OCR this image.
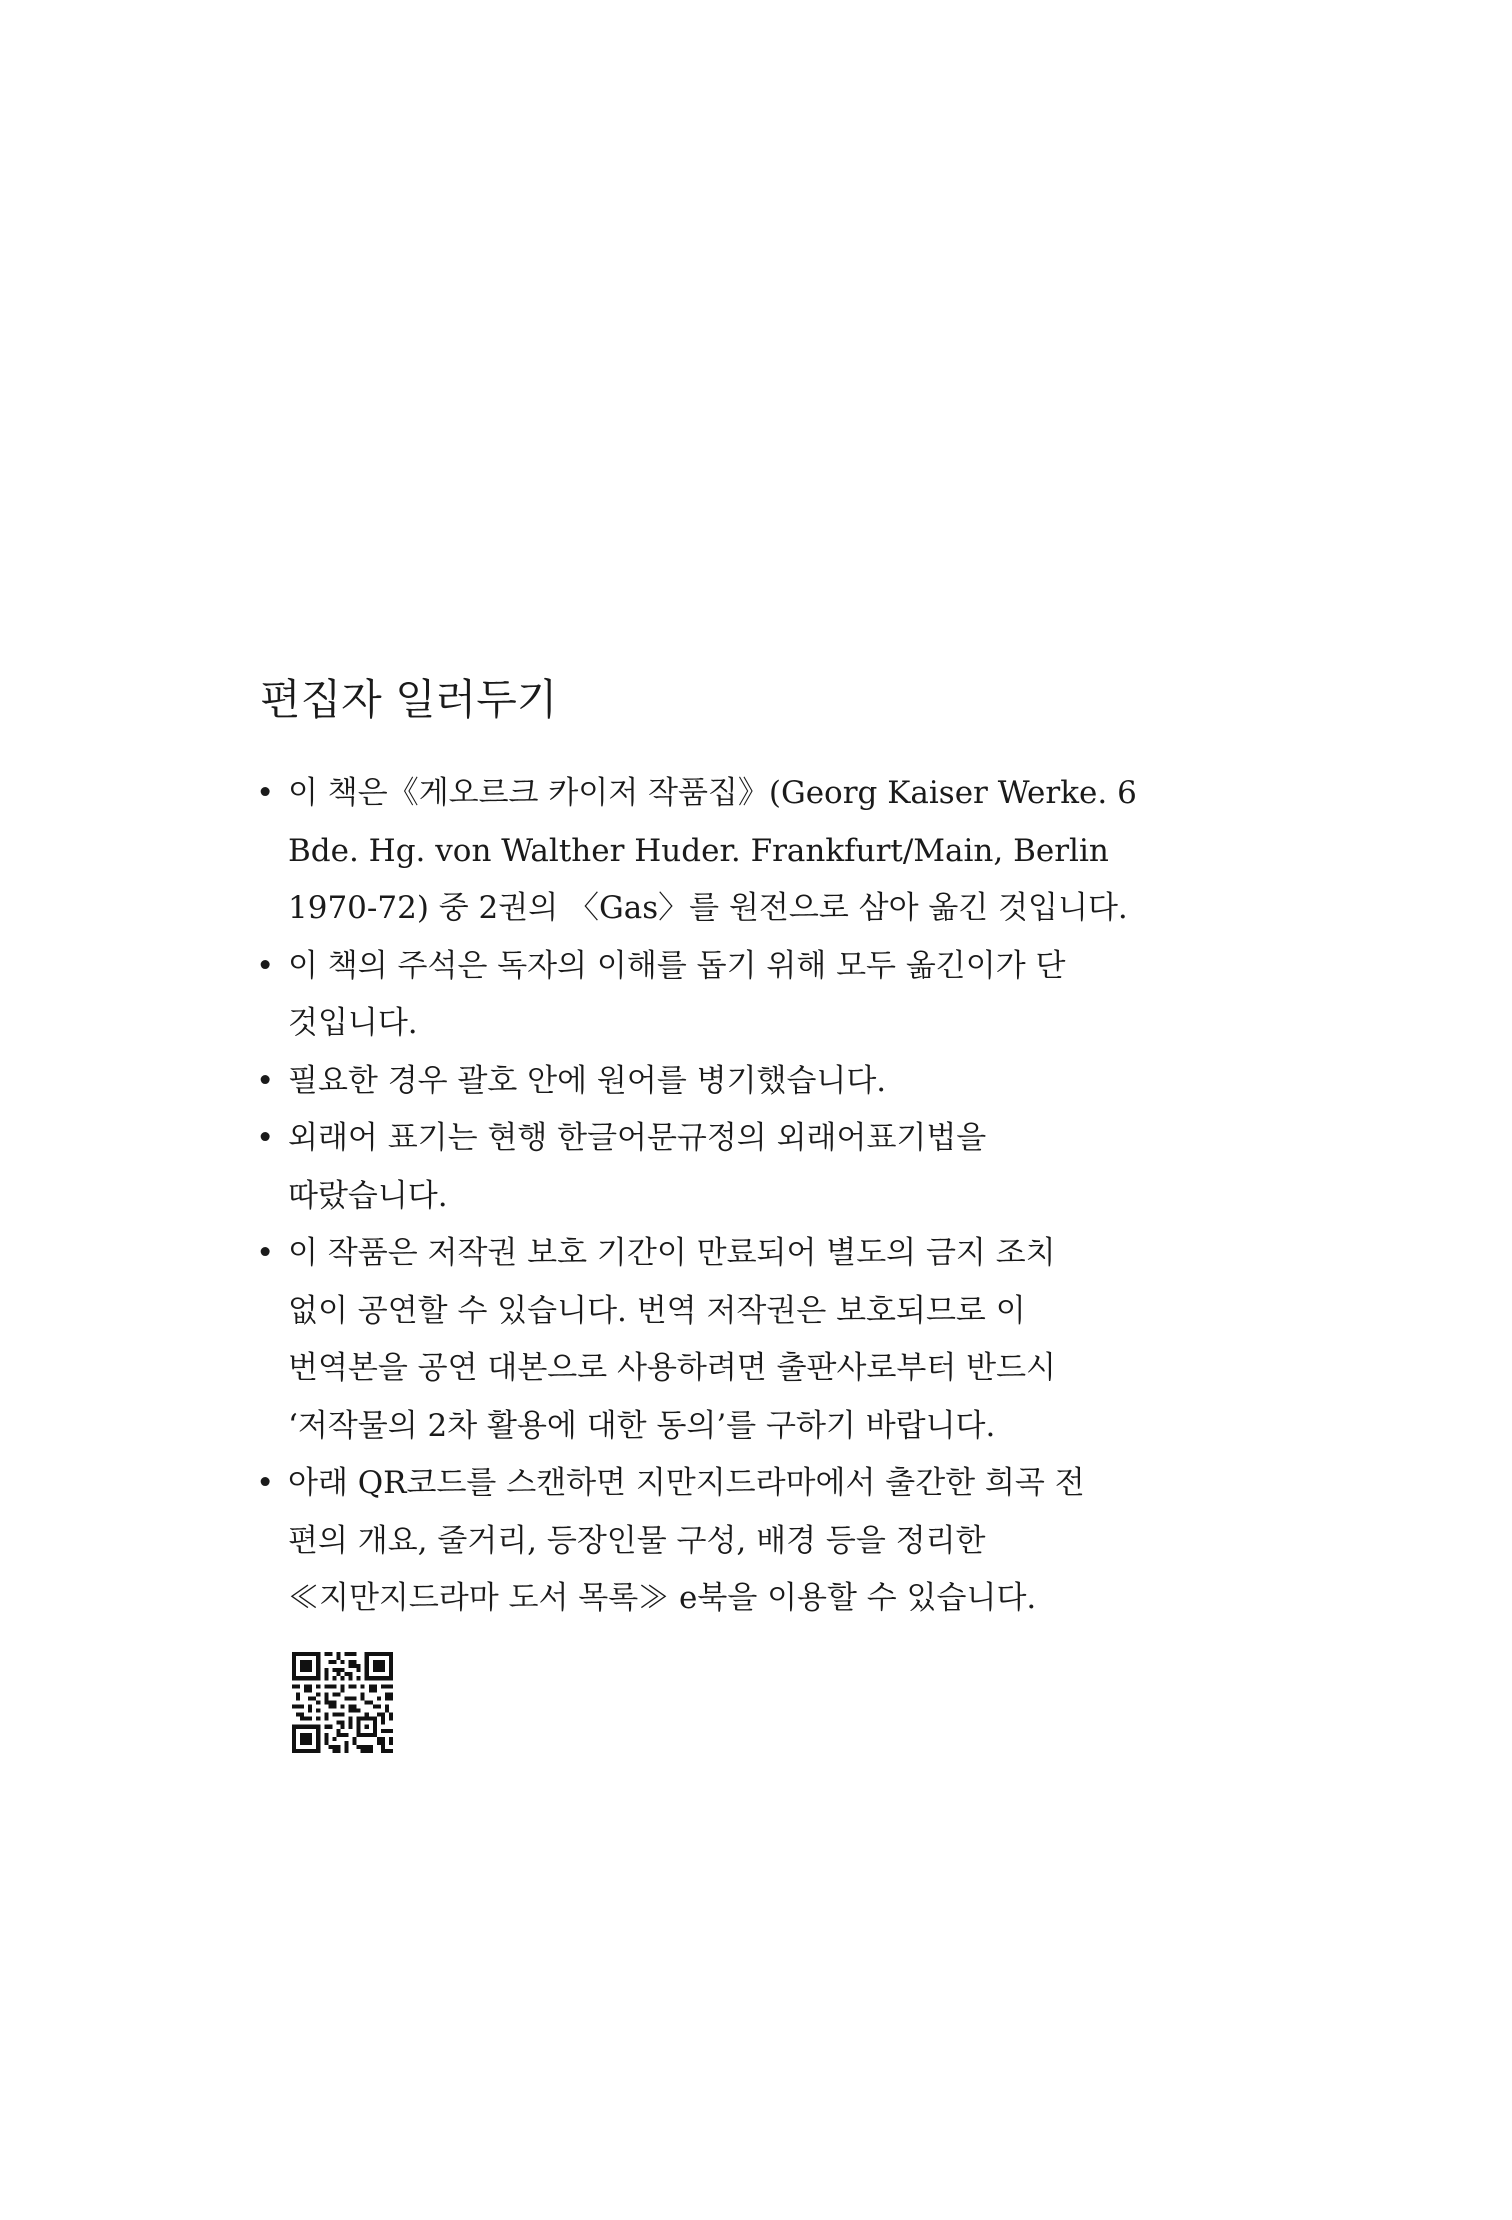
편집자 일러두기
• 이 책은《게오르크 카이저 작품집》(Georg Kaiser Werke. 6
Bde. Hg. von Walther Huder. Frankfurt/Main, Berlin
1970-72) 중 2권의 〈Gas〉를 원전으로 삼아 옮긴 것입니다.
• 이 책의 주석은 독자의 이해를 돕기 위해 모두 옮긴이가 단
것입니다.
• 필요한 경우 괄호 안에 원어를 병기했습니다.
• 외래어 표기는 현행 한글어문규정의 외래어표기법을
따랐습니다.
• 이 작품은 저작권 보호 기간이 만료되어 별도의 금지 조치
없이 공연할 수 있습니다. 번역 저작권은 보호되므로 이
번역본을 공연 대본으로 사용하려면 출판사로부터 반드시
‘저작물의 2차 활용에 대한 동의’를 구하기 바랍니다.
• 아래 QR코드를 스캔하면 지만지드라마에서 출간한 희곡 전
편의 개요, 줄거리, 등장인물 구성, 배경 등을 정리한
≪지만지드라마 도서 목록≫ e북을 이용할 수 있습니다.
